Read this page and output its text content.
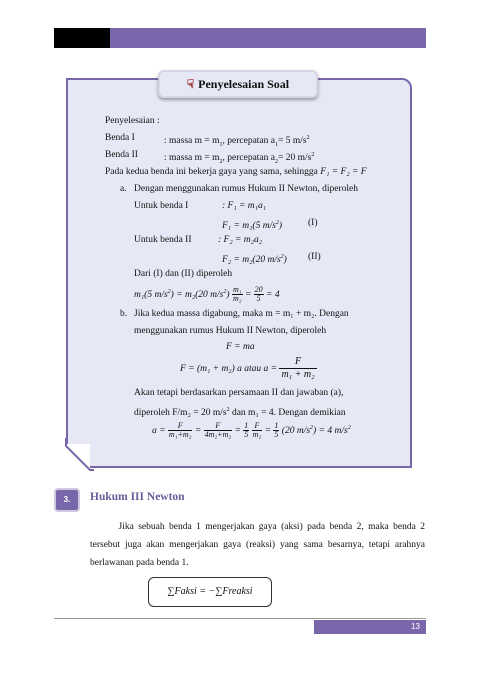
☟ Penyelesaian Soal
Penyelesaian :
Benda I	: massa $m = m_1$, percepatan $a_1= 5$ $m/s^2$
Benda II	: massa $m = m_2$, percepatan $a_2= 20$ $m/s^2$
Pada kedua benda ini bekerja gaya yang sama, sehingga F₁ = F₂ = F
a. Dengan menggunakan rumus Hukum II Newton, diperoleh
Untuk benda I	: F₁ = m₁a₁
F₁ = m₁(5 $m/s^2$)	(I)
Untuk benda II	: F₂ = m₂a₂
F₂ = m₂(20 $m/s^2$) (II)
Dari (I) dan (II) diperoleh
m₁(5 $m/s^2) = m_2(20$ $m/s^2) \frac{\text{m₁}}{\text{m₂}} = \frac{20}{5} = 4$
b. Jika kedua massa digabung, maka m = m₁ + m₂. Dengan
menggunakan rumus Hukum II Newton, diperoleh
F = ma
F = (m₁ + m₂) a atau $a = \frac{F}{\text{m₁ + m₂}}$
Akan tetapi berdasarkan persamaan II dan jawaban (a),
diperoleh F/m₂ = 20 $m/s^2$ dan m₁ = 4. Dengan demikian
$a = \frac{F}{\text{m₁+m₂}} = \frac{F}{\text{4m₂+m₂}} = \frac{1}{5}$
$\frac{F}{\text{m₂}} = \frac{1}{5} (20$ $m/s^2) = 4$ $m/s^2$
3.	Hukum III Newton
   Jika sebuah benda 1 mengerjakan gaya (aksi) pada benda 2, maka benda 2 tersebut juga akan mengerjakan gaya (reaksi) yang sama besarnya, tetapi arahnya berlawanan pada benda 1.
∑Faksi = −∑Freaksi
13
